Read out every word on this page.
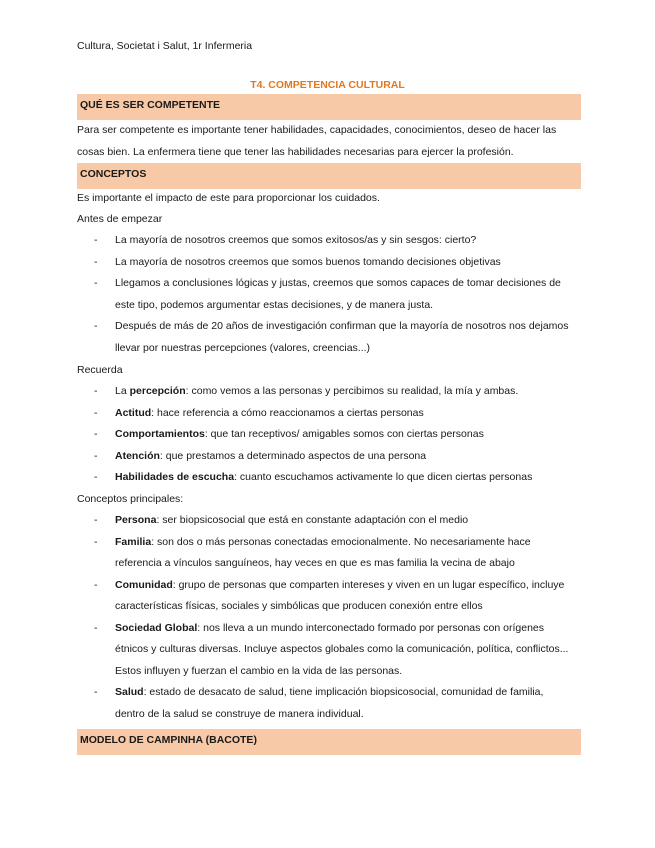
Cultura, Societat i Salut, 1r Infermeria
T4. COMPETENCIA CULTURAL
QUÉ ES SER COMPETENTE
Para ser competente es importante tener habilidades, capacidades, conocimientos, deseo de hacer las cosas bien. La enfermera tiene que tener las habilidades necesarias para ejercer la profesión.
CONCEPTOS
Es importante el impacto de este para proporcionar los cuidados.
Antes de empezar
- La mayoría de nosotros creemos que somos exitosos/as y sin sesgos: cierto?
- La mayoría de nosotros creemos que somos buenos tomando decisiones objetivas
- Llegamos a conclusiones lógicas y justas, creemos que somos capaces de tomar decisiones de este tipo, podemos argumentar estas decisiones, y de manera justa.
- Después de más de 20 años de investigación confirman que la mayoría de nosotros nos dejamos llevar por nuestras percepciones (valores, creencias...)
Recuerda
- La percepción: como vemos a las personas y percibimos su realidad, la mía y ambas.
- Actitud: hace referencia a cómo reaccionamos a ciertas personas
- Comportamientos: que tan receptivos/ amigables somos con ciertas personas
- Atención: que prestamos a determinado aspectos de una persona
- Habilidades de escucha: cuanto escuchamos activamente lo que dicen ciertas personas
Conceptos principales:
- Persona: ser biopsicosocial que está en constante adaptación con el medio
- Familia: son dos o más personas conectadas emocionalmente. No necesariamente hace referencia a vínculos sanguíneos, hay veces en que es mas familia la vecina de abajo
- Comunidad: grupo de personas que comparten intereses y viven en un lugar específico, incluye características físicas, sociales y simbólicas que producen conexión entre ellos
- Sociedad Global: nos lleva a un mundo interconectado formado por personas con orígenes étnicos y culturas diversas. Incluye aspectos globales como la comunicación, política, conflictos... Estos influyen y fuerzan el cambio en la vida de las personas.
- Salud: estado de desacato de salud, tiene implicación biopsicosocial, comunidad de familia, dentro de la salud se construye de manera individual.
MODELO DE CAMPINHA (BACOTE)
